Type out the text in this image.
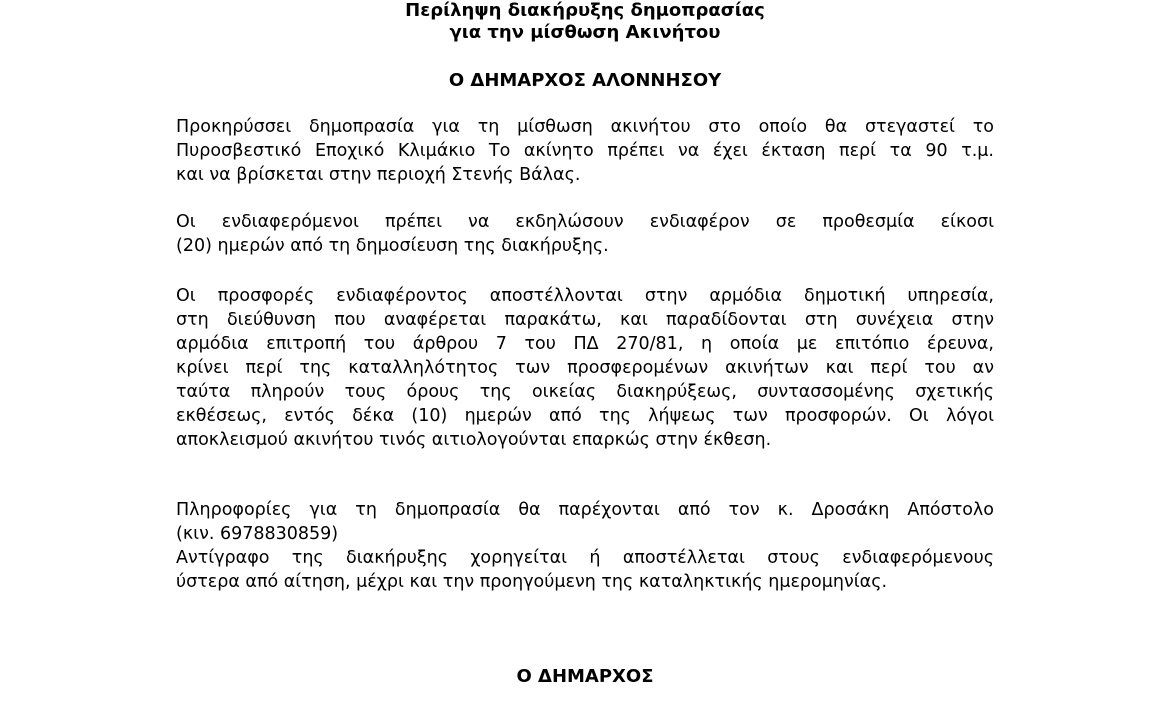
Περίληψη διακήρυξης δημοπρασίας

για την μίσθωση Ακινήτου

Ο ΔΗΜΑΡΧΟΣ ΑΛΟΝΝΗΣΟΥ

Προκηρύσσει δημοπρασία για τη μίσθωση ακινήτου στο οποίο θα στεγαστεί το
Πυροσβεστικό Εποχικό Κλιμάκιο Το ακίνητο πρέπει να έχει έκταση περί τα 90 τ.μ.
και να βρίσκεται στην περιοχή Στενής Βάλας.
Οι ενδιαφερόμενοι πρέπει να εκδηλώσουν ενδιαφέρον σε προθεσμία είκοσι
(20) ημερών από τη δημοσίευση της διακήρυξης.
Οι προσφορές ενδιαφέροντος αποστέλλονται στην αρμόδια δημοτική υπηρεσία,
στη διεύθυνση που αναφέρεται παρακάτω, και παραδίδονται στη συνέχεια στην
αρμόδια επιτροπή του άρθρου 7 του ΠΔ 270/81, η οποία με επιτόπιο έρευνα,
κρίνει περί της καταλληλότητος των προσφερομένων ακινήτων και περί του αν
ταύτα πληρούν τους όρους της οικείας διακηρύξεως, συντασσομένης σχετικής
εκθέσεως, εντός δέκα (10) ημερών από της λήψεως των προσφορών. Οι λόγοι
αποκλεισμού ακινήτου τινός αιτιολογούνται επαρκώς στην έκθεση.
Πληροφορίες για τη δημοπρασία θα παρέχονται από τον κ. Δροσάκη Απόστολο
(κιν. 6978830859)
Αντίγραφο της διακήρυξης χορηγείται ή αποστέλλεται στους ενδιαφερόμενους
ύστερα από αίτηση, μέχρι και την προηγούμενη της καταληκτικής ημερομηνίας.

Ο ΔΗΜΑΡΧΟΣ
